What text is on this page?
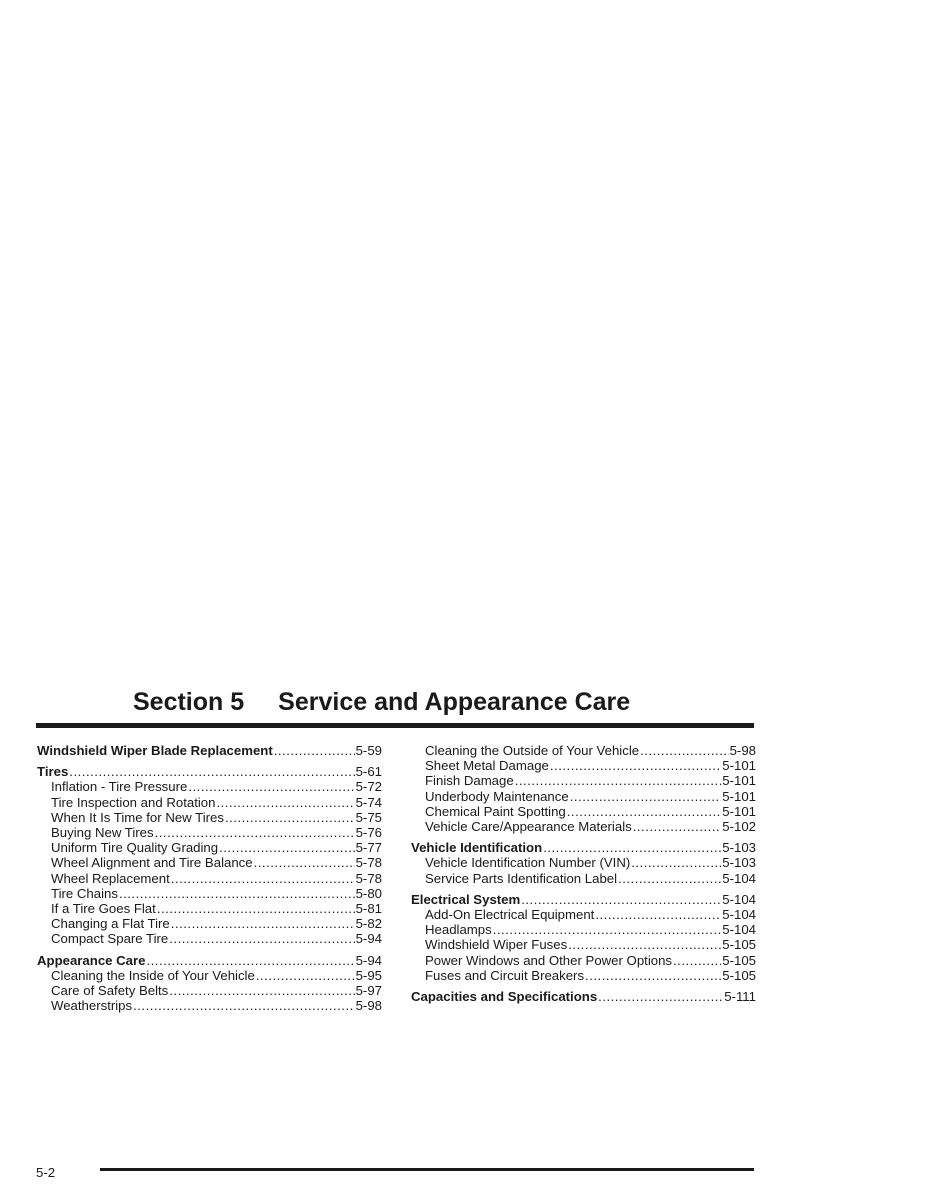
Section 5 Service and Appearance Care
Windshield Wiper Blade Replacement .....	5-59
Tires .....	5-61
Inflation - Tire Pressure .....	5-72
Tire Inspection and Rotation .....	5-74
When It Is Time for New Tires .....	5-75
Buying New Tires .....	5-76
Uniform Tire Quality Grading .....	5-77
Wheel Alignment and Tire Balance .....	5-78
Wheel Replacement .....	5-78
Tire Chains .....	5-80
If a Tire Goes Flat .....	5-81
Changing a Flat Tire .....	5-82
Compact Spare Tire .....	5-94
Appearance Care .....	5-94
Cleaning the Inside of Your Vehicle .....	5-95
Care of Safety Belts .....	5-97
Weatherstrips .....	5-98
Cleaning the Outside of Your Vehicle .....	5-98
Sheet Metal Damage .....	5-101
Finish Damage .....	5-101
Underbody Maintenance .....	5-101
Chemical Paint Spotting .....	5-101
Vehicle Care/Appearance Materials .....	5-102
Vehicle Identification .....	5-103
Vehicle Identification Number (VIN) .....	5-103
Service Parts Identification Label .....	5-104
Electrical System .....	5-104
Add-On Electrical Equipment .....	5-104
Headlamps .....	5-104
Windshield Wiper Fuses .....	5-105
Power Windows and Other Power Options .....	5-105
Fuses and Circuit Breakers .....	5-105
Capacities and Specifications .....	5-111
5-2
